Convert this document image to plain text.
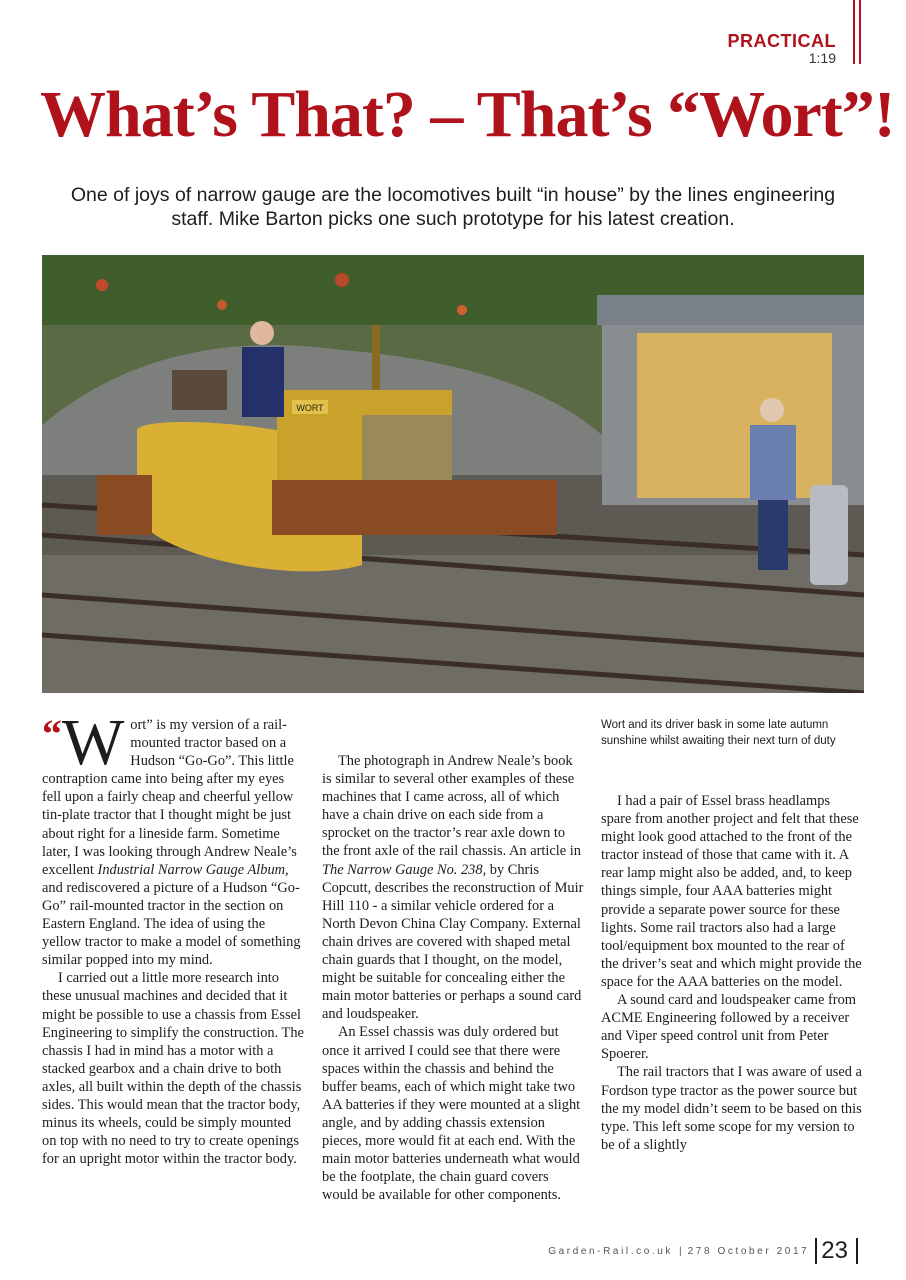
PRACTICAL
1:19
What’s That? – That’s “Wort”!

One of joys of narrow gauge are the locomotives built “in house” by the lines engineering staff. Mike Barton picks one such prototype for his latest creation.

WORT

“ W ort” is my version of a rail-mounted tractor based on a Hudson “Go-Go”. This little contraption came into being after my eyes fell upon a fairly cheap and cheerful yellow tin-plate tractor that I thought might be just about right for a lineside farm. Sometime later, I was looking through Andrew Neale’s excellent Industrial Narrow Gauge Album, and rediscovered a picture of a Hudson “Go-Go” rail-mounted tractor in the section on Eastern England. The idea of using the yellow tractor to make a model of something similar popped into my mind.

I carried out a little more research into these unusual machines and decided that it might be possible to use a chassis from Essel Engineering to simplify the construction. The chassis I had in mind has a motor with a stacked gearbox and a chain drive to both axles, all built within the depth of the chassis sides. This would mean that the tractor body, minus its wheels, could be simply mounted on top with no need to try to create openings for an upright motor within the tractor body.

The photograph in Andrew Neale’s book is similar to several other examples of these machines that I came across, all of which have a chain drive on each side from a sprocket on the tractor’s rear axle down to the front axle of the rail chassis. An article in The Narrow Gauge No. 238, by Chris Copcutt, describes the reconstruction of Muir Hill 110 - a similar vehicle ordered for a North Devon China Clay Company. External chain drives are covered with shaped metal chain guards that I thought, on the model, might be suitable for concealing either the main motor batteries or perhaps a sound card and loudspeaker.

An Essel chassis was duly ordered but once it arrived I could see that there were spaces within the chassis and behind the buffer beams, each of which might take two AA batteries if they were mounted at a slight angle, and by adding chassis extension pieces, more would fit at each end. With the main motor batteries underneath what would be the footplate, the chain guard covers would be available for other components.

Wort and its driver bask in some late autumn sunshine whilst awaiting their next turn of duty

I had a pair of Essel brass headlamps spare from another project and felt that these might look good attached to the front of the tractor instead of those that came with it. A rear lamp might also be added, and, to keep things simple, four AAA batteries might provide a separate power source for these lights. Some rail tractors also had a large tool/equipment box mounted to the rear of the driver’s seat and which might provide the space for the AAA batteries on the model.

A sound card and loudspeaker came from ACME Engineering followed by a receiver and Viper speed control unit from Peter Spoerer.

The rail tractors that I was aware of used a Fordson type tractor as the power source but the my model didn’t seem to be based on this type. This left some scope for my version to be of a slightly

Garden-Rail.co.uk | 278 October 2017 23
